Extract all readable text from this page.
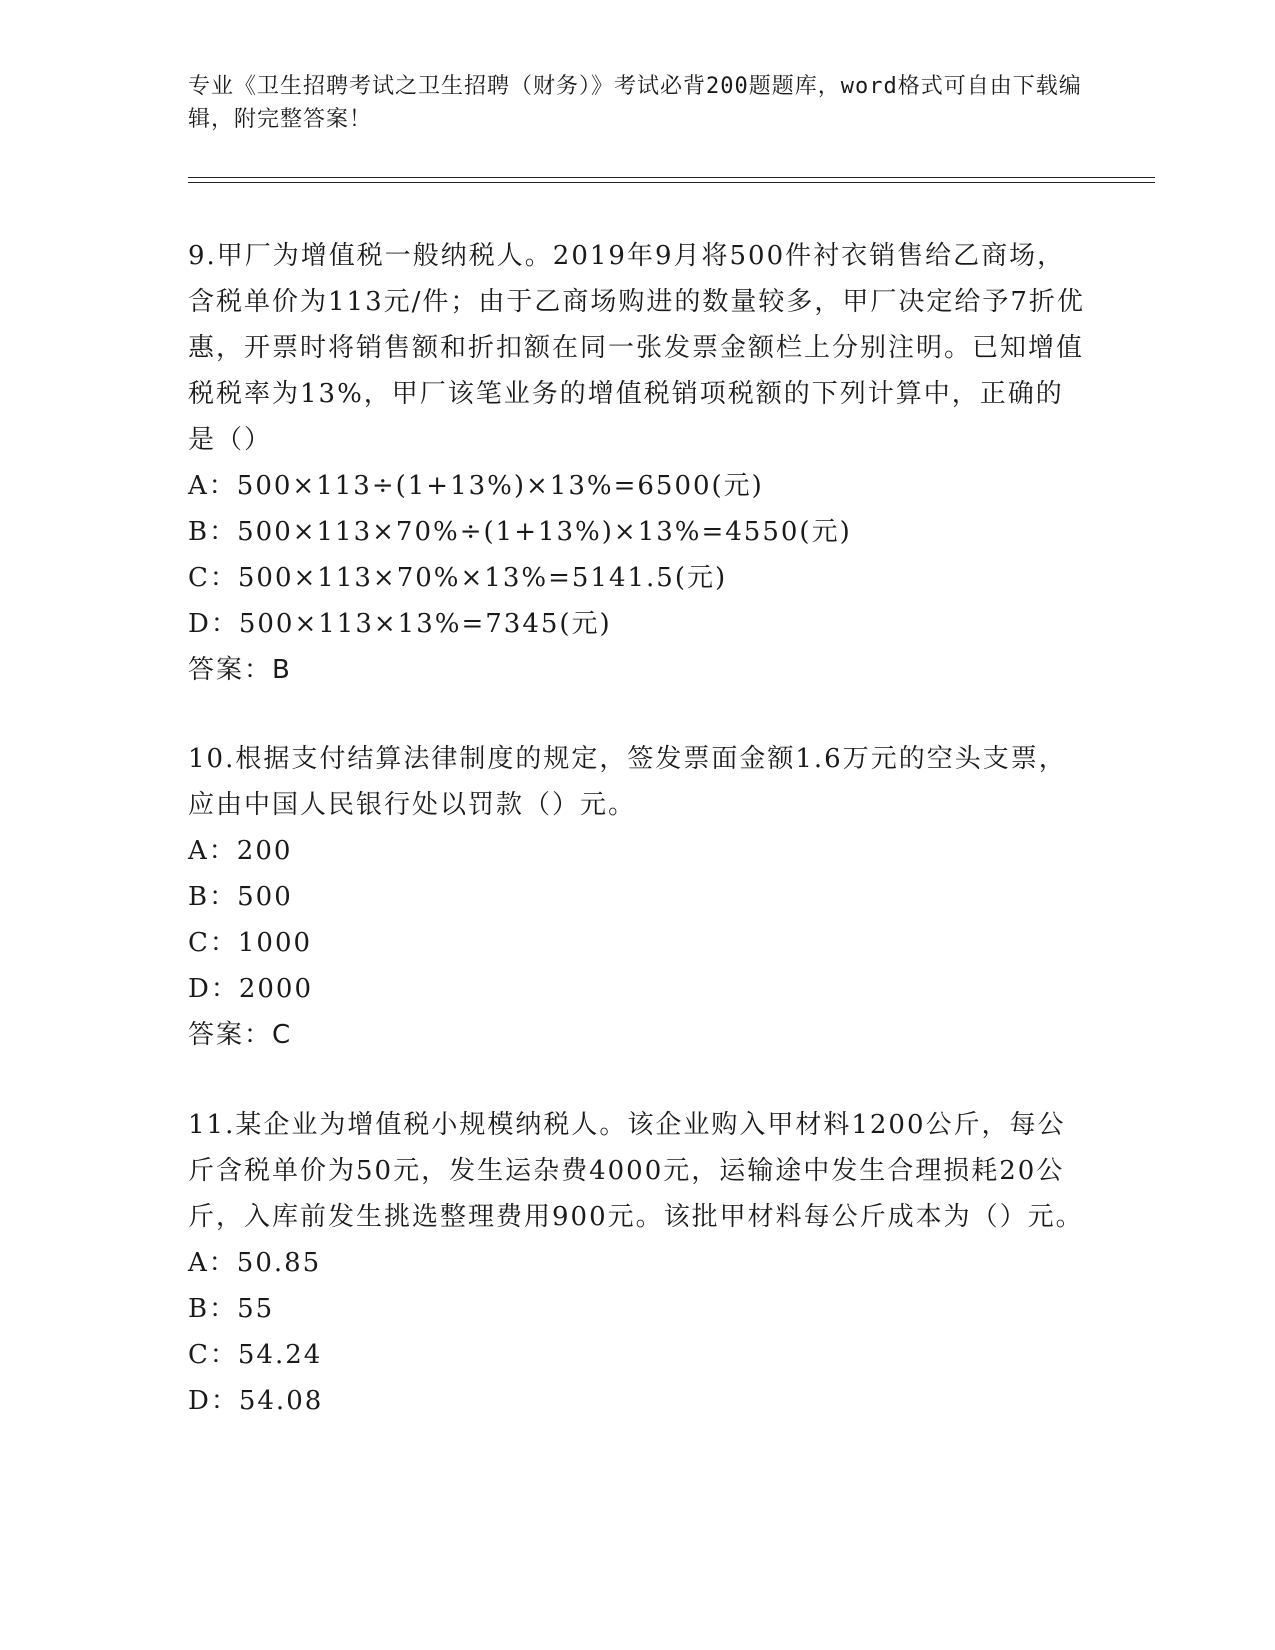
专业《卫生招聘考试之卫生招聘（财务）》考试必背200题题库，word格式可自由下载编辑，附完整答案！
9.甲厂为增值税一般纳税人。2019年9月将500件衬衣销售给乙商场，含税单价为113元/件；由于乙商场购进的数量较多，甲厂决定给予7折优惠，开票时将销售额和折扣额在同一张发票金额栏上分别注明。已知增值税税率为13%，甲厂该笔业务的增值税销项税额的下列计算中，正确的是（）
A：500×113÷(1+13%)×13%=6500(元)
B：500×113×70%÷(1+13%)×13%=4550(元)
C：500×113×70%×13%=5141.5(元)
D：500×113×13%=7345(元)
答案：B
10.根据支付结算法律制度的规定，签发票面金额1.6万元的空头支票，应由中国人民银行处以罚款（）元。
A：200
B：500
C：1000
D：2000
答案：C
11.某企业为增值税小规模纳税人。该企业购入甲材料1200公斤，每公斤含税单价为50元，发生运杂费4000元，运输途中发生合理损耗20公斤，入库前发生挑选整理费用900元。该批甲材料每公斤成本为（）元。
A：50.85
B：55
C：54.24
D：54.08
